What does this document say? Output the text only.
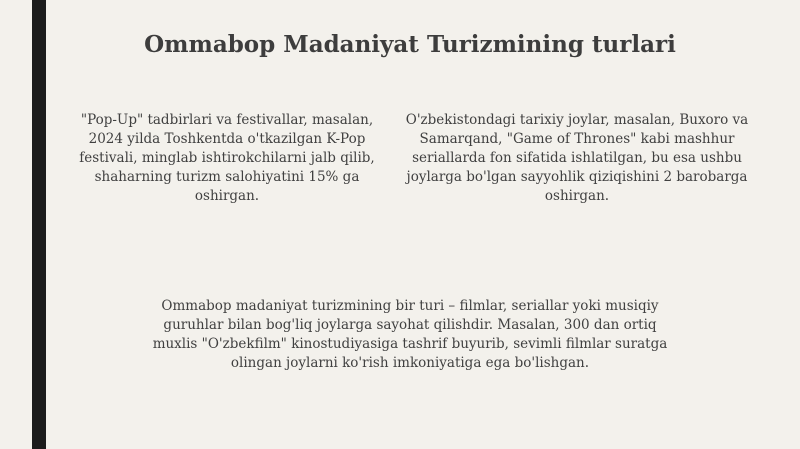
Ommabop Madaniyat Turizmining turlari
"Pop-Up" tadbirlari va festivallar, masalan, 2024 yilda Toshkentda o'tkazilgan K-Pop festivali, minglab ishtirokchilarni jalb qilib, shaharning turizm salohiyatini 15% ga oshirgan.
O'zbekistondagi tarixiy joylar, masalan, Buxoro va Samarqand, "Game of Thrones" kabi mashhur seriallarda fon sifatida ishlatilgan, bu esa ushbu joylarga bo'lgan sayyohlik qiziqishini 2 barobarga oshirgan.
Ommabop madaniyat turizmining bir turi – filmlar, seriallar yoki musiqiy guruhlar bilan bog'liq joylarga sayohat qilishdir. Masalan, 300 dan ortiq muxlis "O'zbekfilm" kinostudiyasiga tashrif buyurib, sevimli filmlar suratga olingan joylarni ko'rish imkoniyatiga ega bo'lishgan.
